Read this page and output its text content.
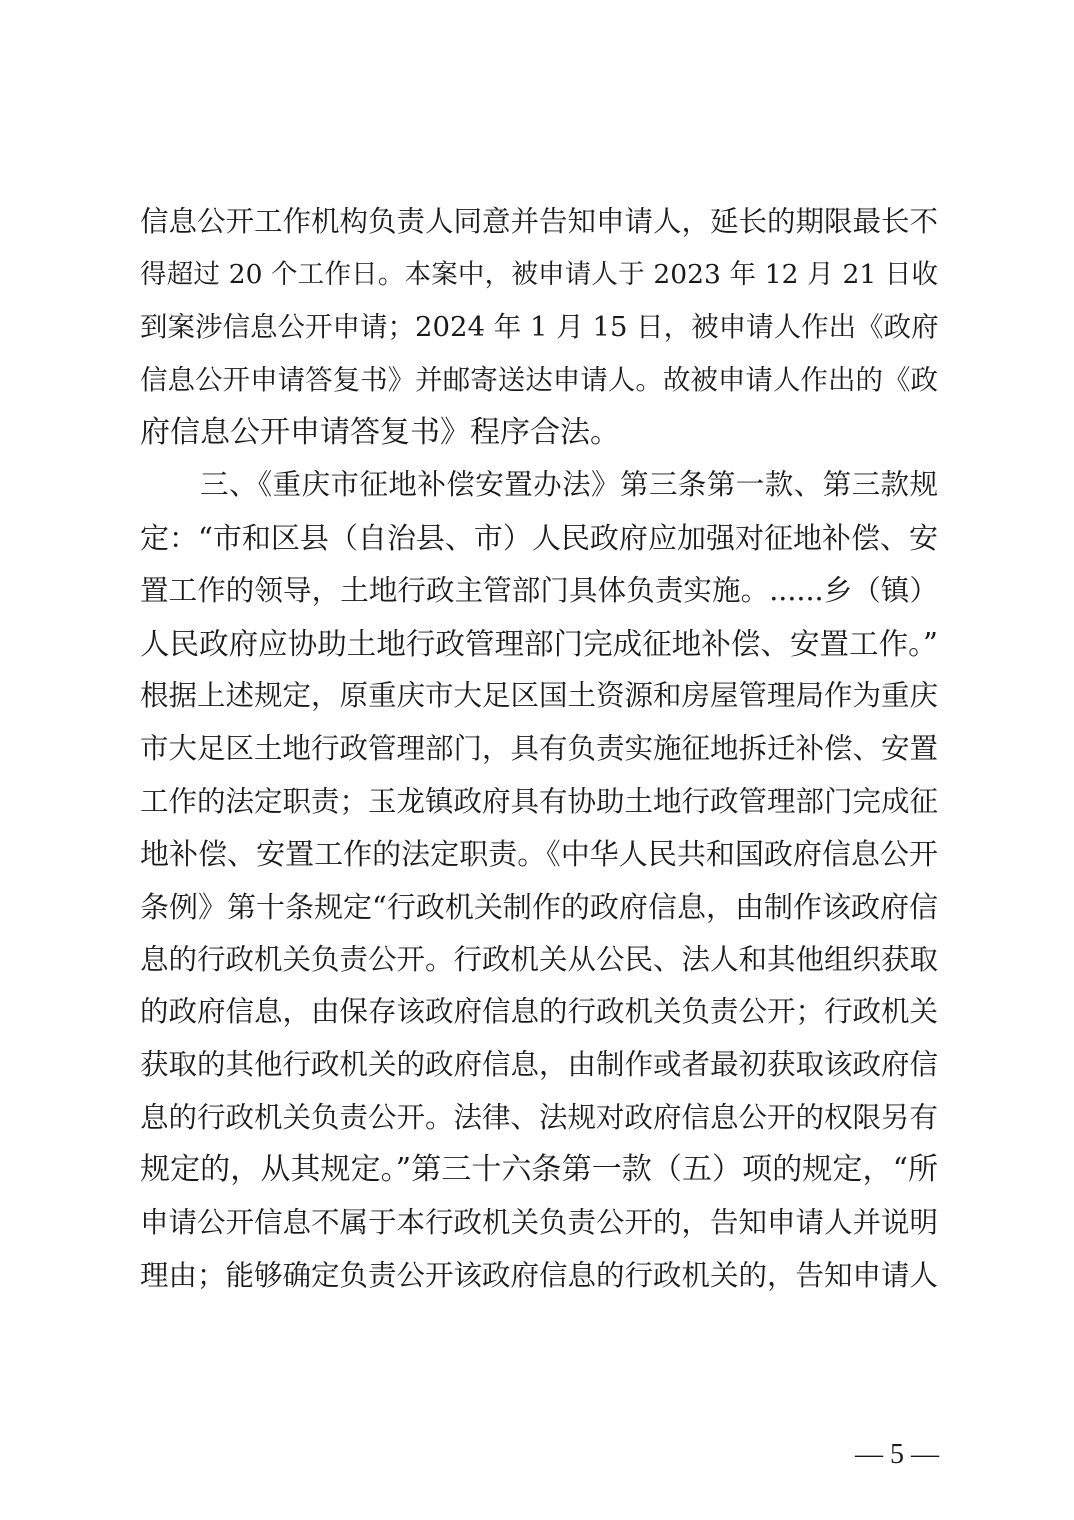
信息公开工作机构负责人同意并告知申请人，延长的期限最长不
得超过 20 个工作日。本案中，被申请人于 2023 年 12 月 21 日收
到案涉信息公开申请；2024 年 1 月 15 日，被申请人作出《政府
信息公开申请答复书》并邮寄送达申请人。故被申请人作出的《政
府信息公开申请答复书》程序合法。
三、《重庆市征地补偿安置办法》第三条第一款、第三款规
定：“市和区县（自治县、市）人民政府应加强对征地补偿、安
置工作的领导，土地行政主管部门具体负责实施。......乡（镇）
人民政府应协助土地行政管理部门完成征地补偿、安置工作。”
根据上述规定，原重庆市大足区国土资源和房屋管理局作为重庆
市大足区土地行政管理部门，具有负责实施征地拆迁补偿、安置
工作的法定职责；玉龙镇政府具有协助土地行政管理部门完成征
地补偿、安置工作的法定职责。《中华人民共和国政府信息公开
条例》第十条规定“行政机关制作的政府信息，由制作该政府信
息的行政机关负责公开。行政机关从公民、法人和其他组织获取
的政府信息，由保存该政府信息的行政机关负责公开；行政机关
获取的其他行政机关的政府信息，由制作或者最初获取该政府信
息的行政机关负责公开。法律、法规对政府信息公开的权限另有
规定的，从其规定。”第三十六条第一款（五）项的规定，“所
申请公开信息不属于本行政机关负责公开的，告知申请人并说明
理由；能够确定负责公开该政府信息的行政机关的，告知申请人
— 5 —
